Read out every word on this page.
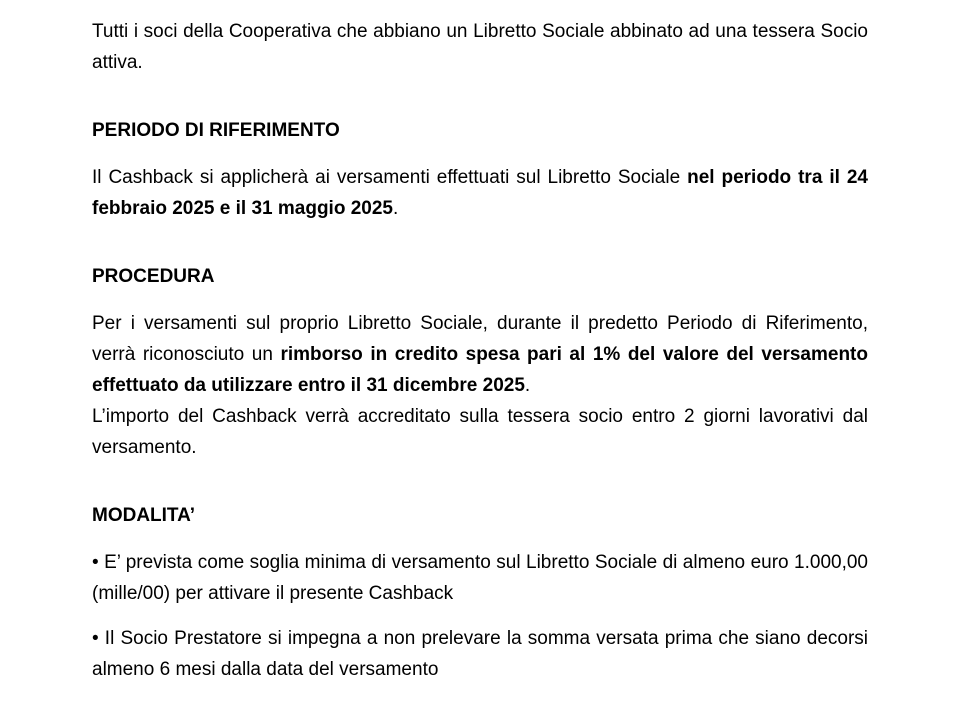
Tutti i soci della Cooperativa che abbiano un Libretto Sociale abbinato ad una tessera Socio attiva.

PERIODO DI RIFERIMENTO

Il Cashback si applicherà ai versamenti effettuati sul Libretto Sociale nel periodo tra il 24 febbraio 2025 e il 31 maggio 2025.

PROCEDURA

Per i versamenti sul proprio Libretto Sociale, durante il predetto Periodo di Riferimento, verrà riconosciuto un rimborso in credito spesa pari al 1% del valore del versamento effettuato da utilizzare entro il 31 dicembre 2025.

L’importo del Cashback verrà accreditato sulla tessera socio entro 2 giorni lavorativi dal versamento.

MODALITA’

• E’ prevista come soglia minima di versamento sul Libretto Sociale di almeno euro 1.000,00 (mille/00) per attivare il presente Cashback

• Il Socio Prestatore si impegna a non prelevare la somma versata prima che siano decorsi almeno 6 mesi dalla data del versamento
